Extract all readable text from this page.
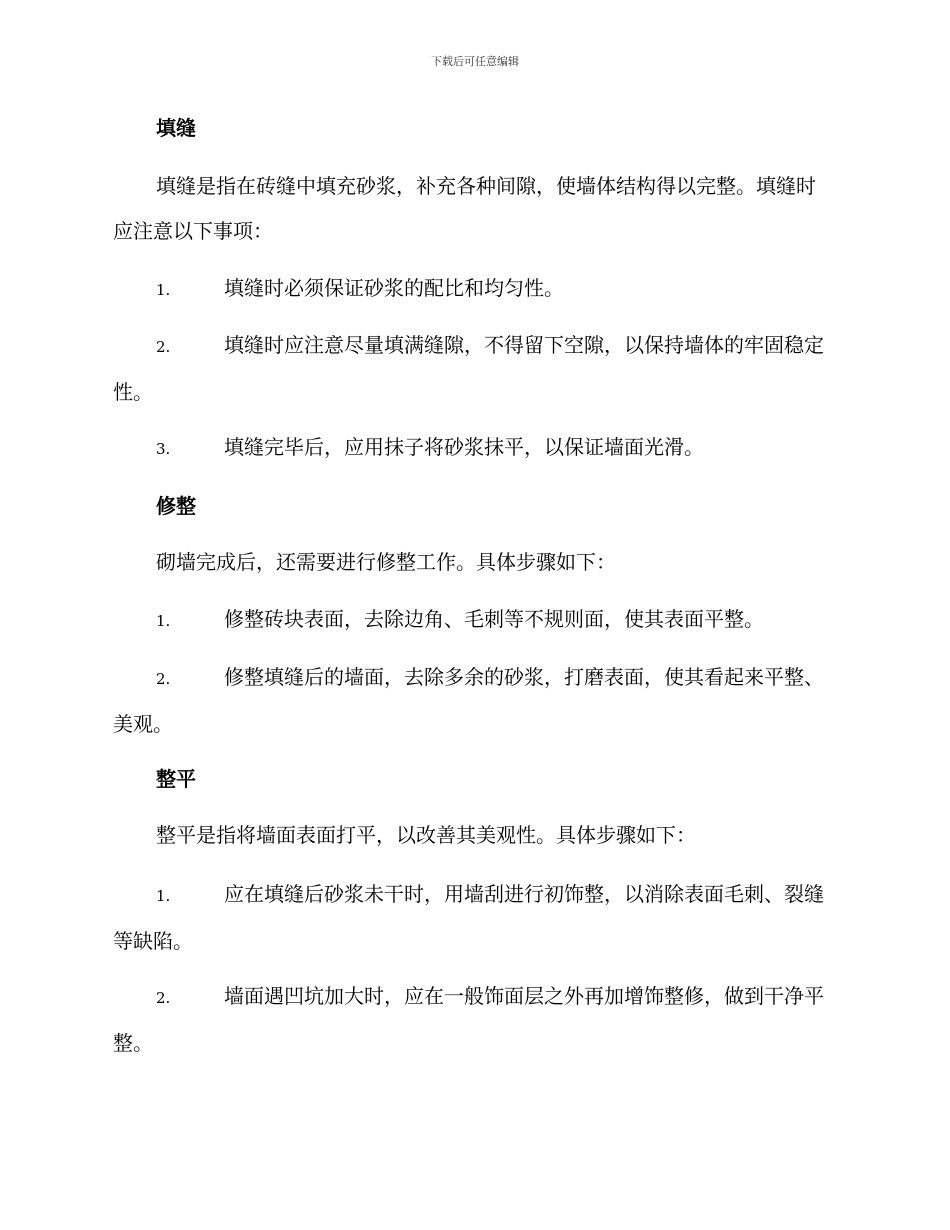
下载后可任意编辑
填缝
填缝是指在砖缝中填充砂浆，补充各种间隙，使墙体结构得以完整。填缝时应注意以下事项：
1.	填缝时必须保证砂浆的配比和均匀性。
2.	填缝时应注意尽量填满缝隙，不得留下空隙，以保持墙体的牢固稳定性。
3.	填缝完毕后，应用抹子将砂浆抹平，以保证墙面光滑。
修整
砌墙完成后，还需要进行修整工作。具体步骤如下：
1.	修整砖块表面，去除边角、毛刺等不规则面，使其表面平整。
2.	修整填缝后的墙面，去除多余的砂浆，打磨表面，使其看起来平整、美观。
整平
整平是指将墙面表面打平，以改善其美观性。具体步骤如下：
1.	应在填缝后砂浆未干时，用墙刮进行初饰整，以消除表面毛刺、裂缝等缺陷。
2.	墙面遇凹坑加大时，应在一般饰面层之外再加增饰整修，做到干净平整。
